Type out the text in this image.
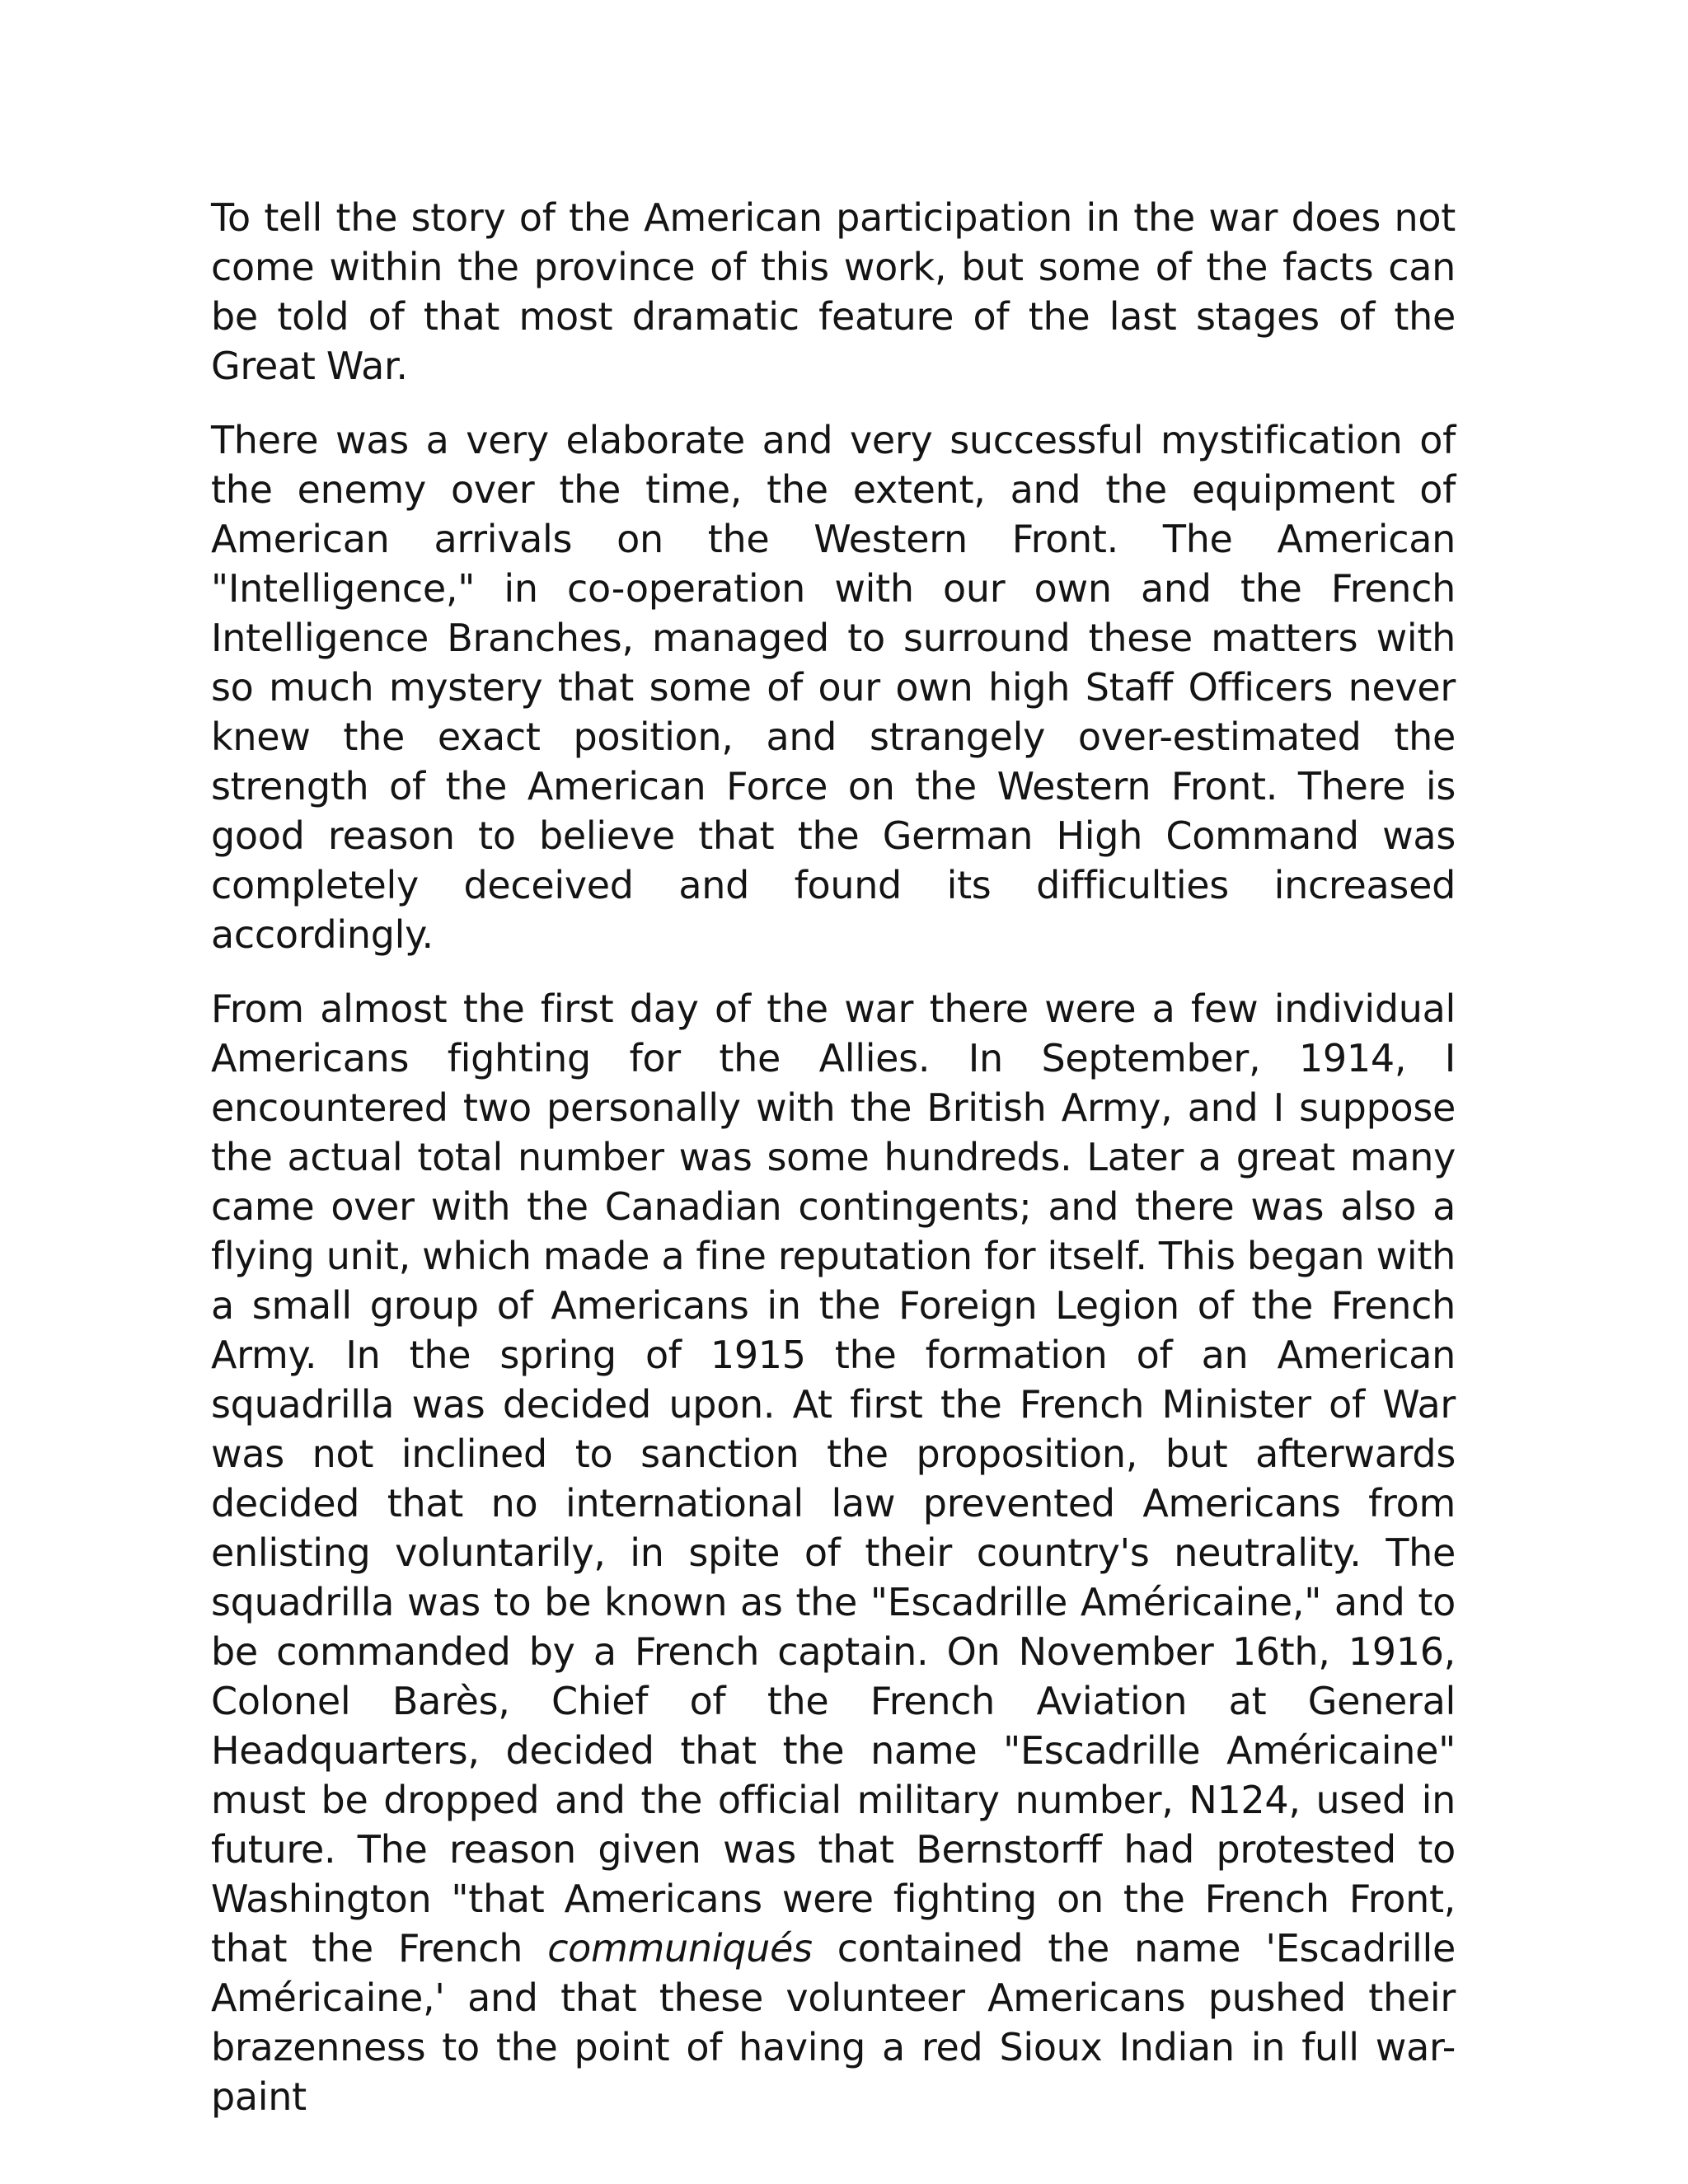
To tell the story of the American participation in the war does not come within the province of this work, but some of the facts can be told of that most dramatic feature of the last stages of the Great War.

There was a very elaborate and very successful mystification of the enemy over the time, the extent, and the equipment of American arrivals on the Western Front. The American "Intelligence," in co-operation with our own and the French Intelligence Branches, managed to surround these matters with so much mystery that some of our own high Staff Officers never knew the exact position, and strangely over-estimated the strength of the American Force on the Western Front. There is good reason to believe that the German High Command was completely deceived and found its difficulties increased accordingly.

From almost the first day of the war there were a few individual Americans fighting for the Allies. In September, 1914, I encountered two personally with the British Army, and I suppose the actual total number was some hundreds. Later a great many came over with the Canadian contingents; and there was also a flying unit, which made a fine reputation for itself. This began with a small group of Americans in the Foreign Legion of the French Army. In the spring of 1915 the formation of an American squadrilla was decided upon. At first the French Minister of War was not inclined to sanction the proposition, but afterwards decided that no international law prevented Americans from enlisting voluntarily, in spite of their country's neutrality. The squadrilla was to be known as the "Escadrille Américaine," and to be commanded by a French captain. On November 16th, 1916, Colonel Barès, Chief of the French Aviation at General Headquarters, decided that the name "Escadrille Américaine" must be dropped and the official military number, N124, used in future. The reason given was that Bernstorff had protested to Washington "that Americans were fighting on the French Front, that the French communiqués contained the name 'Escadrille Américaine,' and that these volunteer Americans pushed their brazenness to the point of having a red Sioux Indian in full war-paint
